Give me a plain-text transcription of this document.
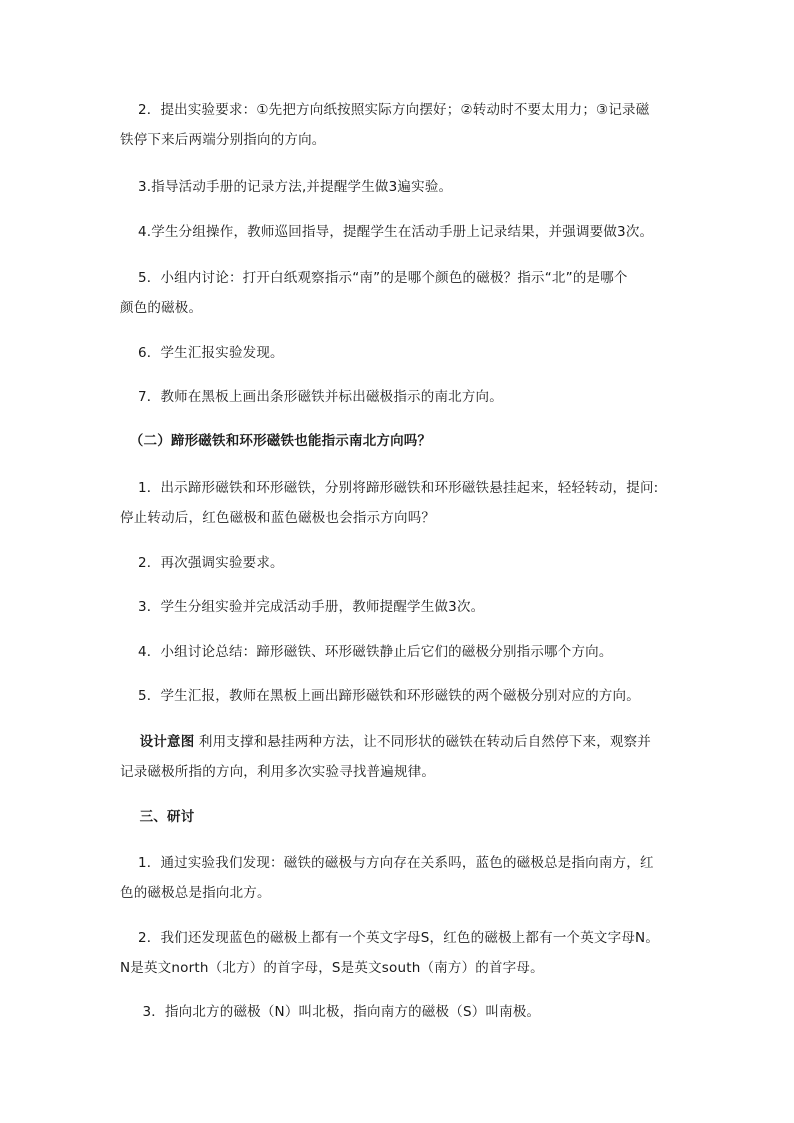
2．提出实验要求：①先把方向纸按照实际方向摆好；②转动时不要太用力；③记录磁
铁停下来后两端分别指向的方向。
3.指导活动手册的记录方法,并提醒学生做3遍实验。
4.学生分组操作，教师巡回指导，提醒学生在活动手册上记录结果，并强调要做3次。
5．小组内讨论：打开白纸观察指示“南”的是哪个颜色的磁极？指示“北”的是哪个
颜色的磁极。
6．学生汇报实验发现。
7．教师在黑板上画出条形磁铁并标出磁极指示的南北方向。
（二）蹄形磁铁和环形磁铁也能指示南北方向吗？
1．出示蹄形磁铁和环形磁铁，分别将蹄形磁铁和环形磁铁悬挂起来，轻轻转动，提问:
停止转动后，红色磁极和蓝色磁极也会指示方向吗？
2．再次强调实验要求。
3．学生分组实验并完成活动手册，教师提醒学生做3次。
4．小组讨论总结：蹄形磁铁、环形磁铁静止后它们的磁极分别指示哪个方向。
5．学生汇报，教师在黑板上画出蹄形磁铁和环形磁铁的两个磁极分别对应的方向。
设计意图 利用支撑和悬挂两种方法，让不同形状的磁铁在转动后自然停下来，观察并
记录磁极所指的方向，利用多次实验寻找普遍规律。
三、研讨
1．通过实验我们发现：磁铁的磁极与方向存在关系吗，蓝色的磁极总是指向南方，红
色的磁极总是指向北方。
2．我们还发现蓝色的磁极上都有一个英文字母S，红色的磁极上都有一个英文字母N。
N是英文north（北方）的首字母，S是英文south（南方）的首字母。
3．指向北方的磁极（N）叫北极，指向南方的磁极（S）叫南极。
